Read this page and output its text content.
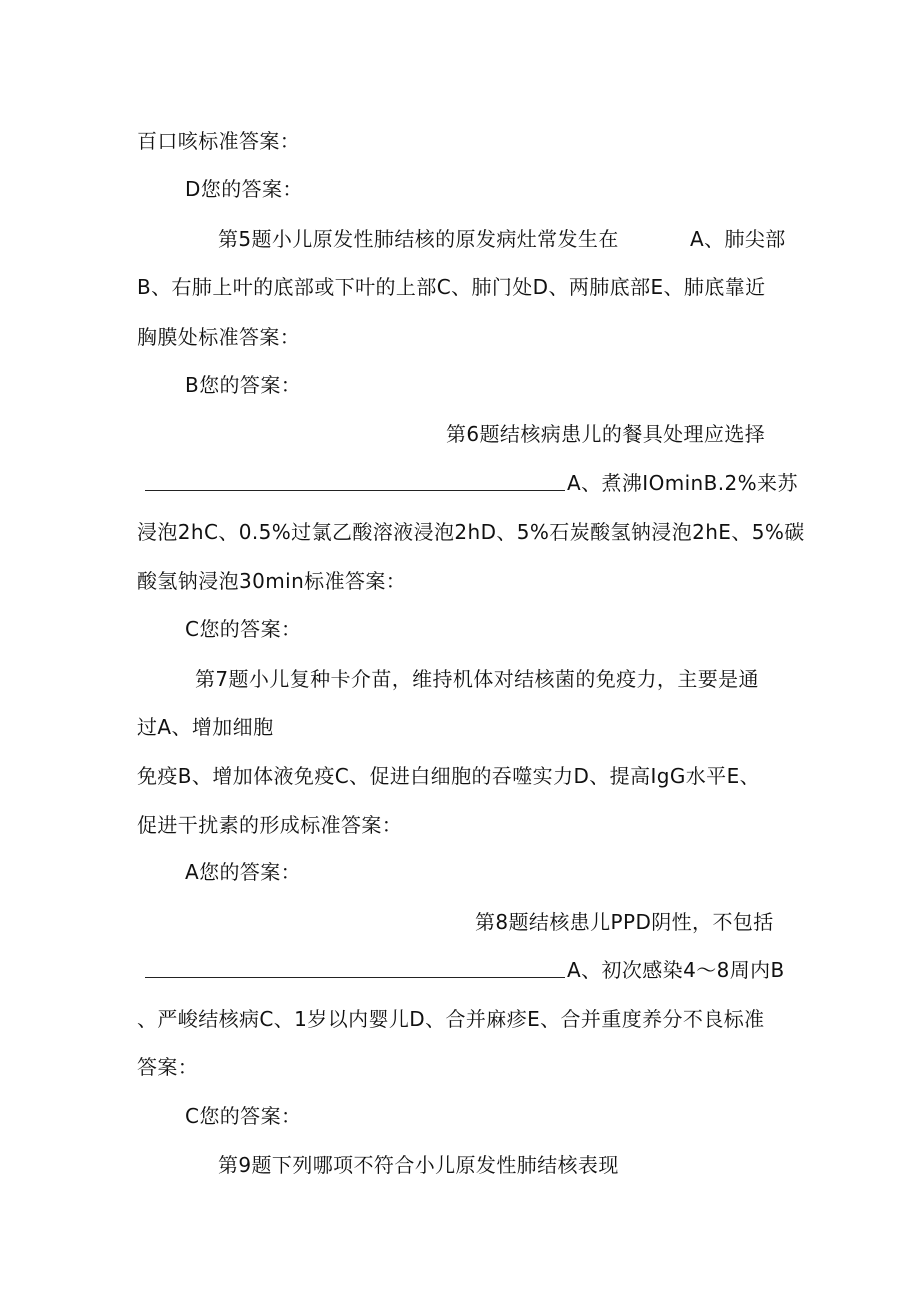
百口咳标准答案：
D您的答案：
第5题小儿原发性肺结核的原发病灶常发生在	A、肺尖部
B、右肺上叶的底部或下叶的上部C、肺门处D、两肺底部E、肺底靠近
胸膜处标准答案：
B您的答案：
第6题结核病患儿的餐具处理应选择
A、煮沸IOminB.2%来苏
浸泡2hC、0.5%过氯乙酸溶液浸泡2hD、5%石炭酸氢钠浸泡2hE、5%碳
酸氢钠浸泡30min标准答案：
C您的答案：
第7题小儿复种卡介苗，维持机体对结核菌的免疫力，主要是通
过A、增加细胞
免疫B、增加体液免疫C、促进白细胞的吞噬实力D、提高IgG水平E、
促进干扰素的形成标准答案：
A您的答案：
第8题结核患儿PPD阴性，不包括
A、初次感染4～8周内B
、严峻结核病C、1岁以内婴儿D、合并麻疹E、合并重度养分不良标准
答案：
C您的答案：
第9题下列哪项不符合小儿原发性肺结核表现
